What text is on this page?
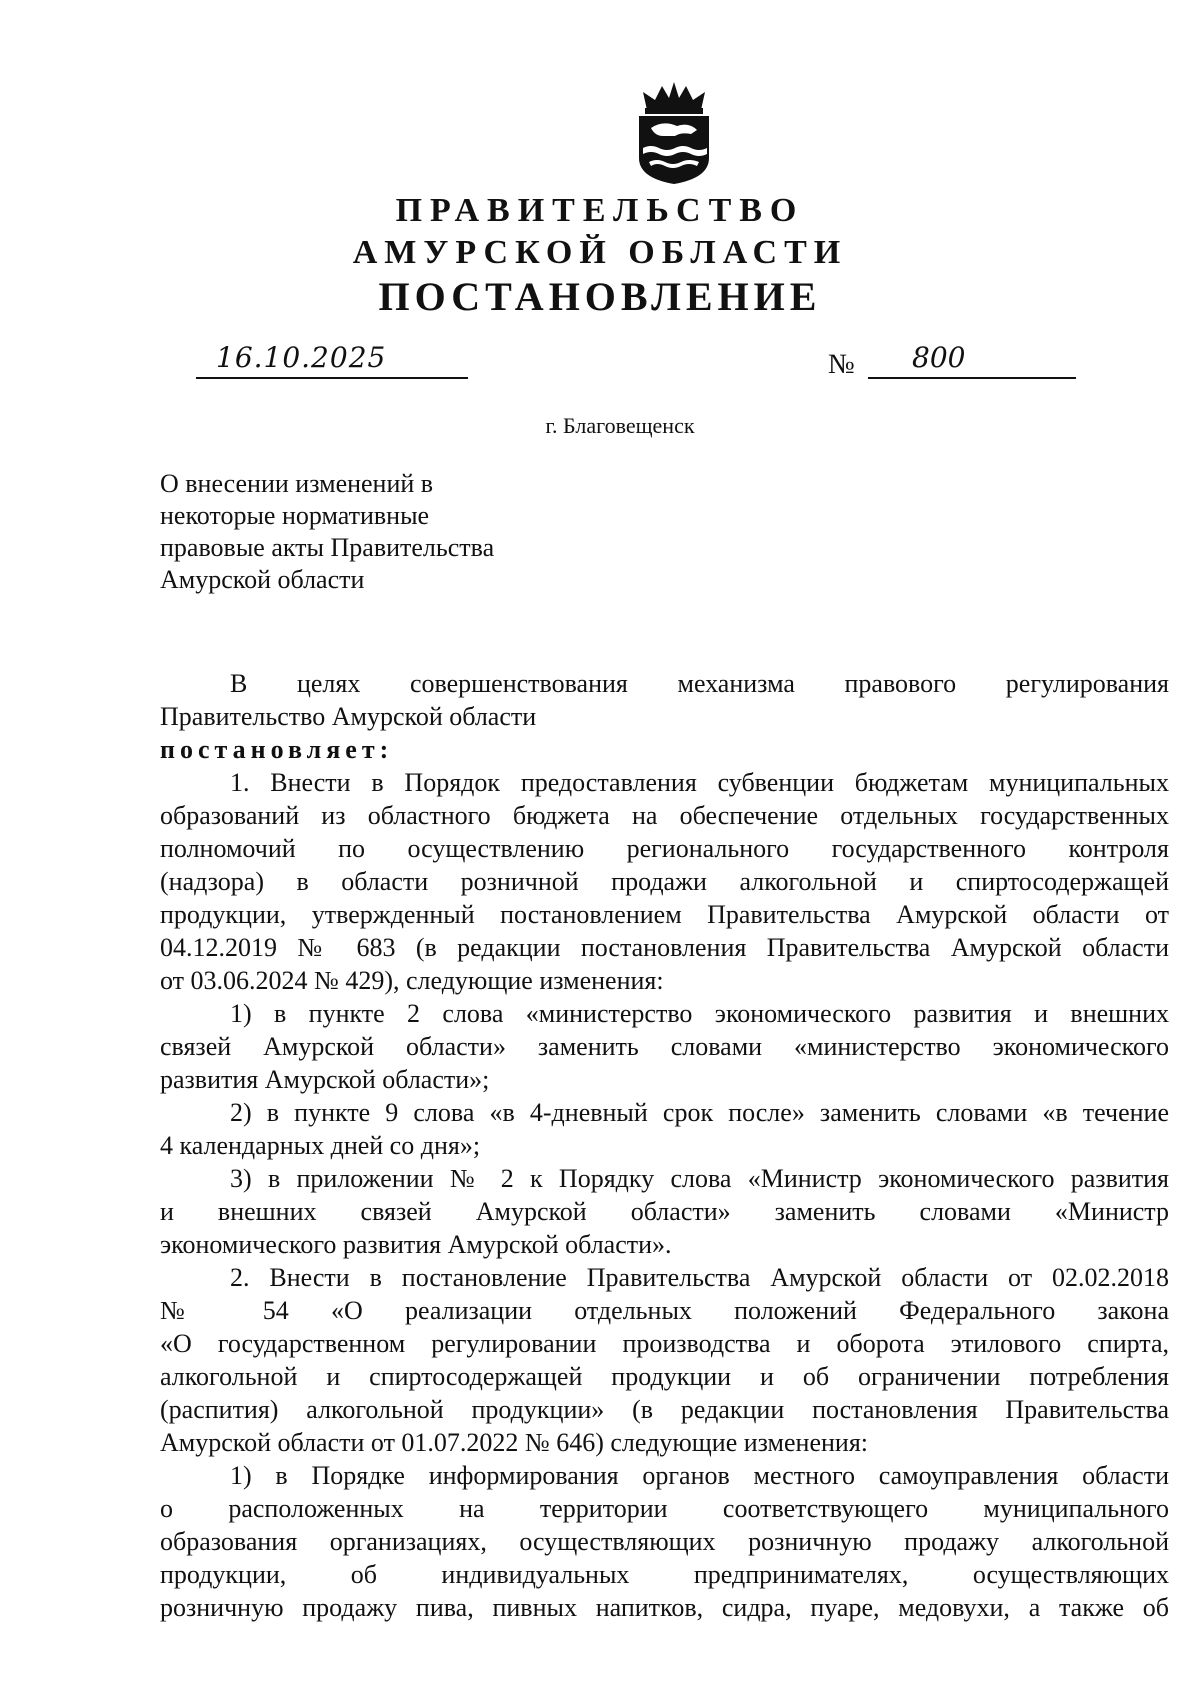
ПРАВИТЕЛЬСТВО
АМУРСКОЙ ОБЛАСТИ
ПОСТАНОВЛЕНИЕ
16.10.2025	№ 800
г. Благовещенск
О внесении изменений в
некоторые нормативные
правовые акты Правительства
Амурской области
В целях совершенствования механизма правового регулирования
Правительство Амурской области
постановляет:
1. Внести в Порядок предоставления субвенции бюджетам муниципальных
образований из областного бюджета на обеспечение отдельных государственных
полномочий по осуществлению регионального государственного контроля
(надзора) в области розничной продажи алкогольной и спиртосодержащей
продукции, утвержденный постановлением Правительства Амурской области от
04.12.2019 № 683 (в редакции постановления Правительства Амурской области
от 03.06.2024 № 429), следующие изменения:
1) в пункте 2 слова «министерство экономического развития и внешних
связей Амурской области» заменить словами «министерство экономического
развития Амурской области»;
2) в пункте 9 слова «в 4-дневный срок после» заменить словами «в течение
4 календарных дней со дня»;
3) в приложении № 2 к Порядку слова «Министр экономического развития
и внешних связей Амурской области» заменить словами «Министр
экономического развития Амурской области».
2. Внести в постановление Правительства Амурской области от 02.02.2018
№ 54 «О реализации отдельных положений Федерального закона
«О государственном регулировании производства и оборота этилового спирта,
алкогольной и спиртосодержащей продукции и об ограничении потребления
(распития) алкогольной продукции» (в редакции постановления Правительства
Амурской области от 01.07.2022 № 646) следующие изменения:
1) в Порядке информирования органов местного самоуправления области
о расположенных на территории соответствующего муниципального
образования организациях, осуществляющих розничную продажу алкогольной
продукции, об индивидуальных предпринимателях, осуществляющих
розничную продажу пива, пивных напитков, сидра, пуаре, медовухи, а также об
